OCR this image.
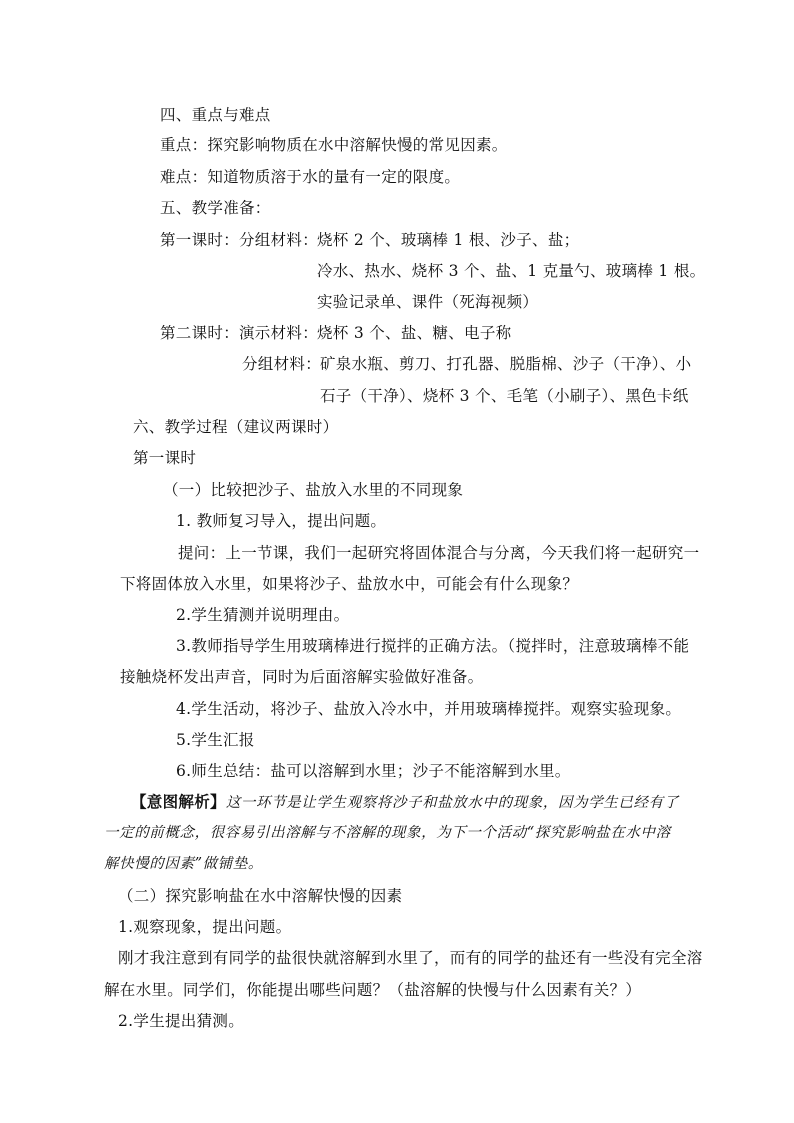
四、重点与难点
重点：探究影响物质在水中溶解快慢的常见因素。
难点：知道物质溶于水的量有一定的限度。
五、教学准备：
第一课时：分组材料：
烧杯 2 个、玻璃棒 1 根、沙子、盐；
冷水、热水、烧杯 3 个、盐、1 克量勺、玻璃棒 1 根。
实验记录单、课件（死海视频）
第二课时：演示材料：
烧杯 3 个、盐、糖、电子称
分组材料：
矿泉水瓶、剪刀、打孔器、脱脂棉、沙子（干净）、小
石子（干净）、烧杯 3 个、毛笔（小刷子）、黑色卡纸
六、教学过程（建议两课时）
第一课时
（一）比较把沙子、盐放入水里的不同现象
1. 教师复习导入，提出问题。
提问：上一节课，我们一起研究将固体混合与分离，今天我们将一起研究一
下将固体放入水里，如果将沙子、盐放水中，可能会有什么现象？
2.学生猜测并说明理由。
3.教师指导学生用玻璃棒进行搅拌的正确方法。（搅拌时，注意玻璃棒不能
接触烧杯发出声音，同时为后面溶解实验做好准备。
4.学生活动，将沙子、盐放入冷水中，并用玻璃棒搅拌。观察实验现象。
5.学生汇报
6.师生总结：盐可以溶解到水里；沙子不能溶解到水里。
【意图解析】这一环节是让学生观察将沙子和盐放水中的现象，因为学生已经有了
一定的前概念，很容易引出溶解与不溶解的现象，为下一个活动“探究影响盐在水中溶
解快慢的因素”做铺垫。
（二）探究影响盐在水中溶解快慢的因素
1.观察现象，提出问题。
刚才我注意到有同学的盐很快就溶解到水里了，而有的同学的盐还有一些没有完全溶
解在水里。同学们，你能提出哪些问题？（盐溶解的快慢与什么因素有关？）
2.学生提出猜测。
